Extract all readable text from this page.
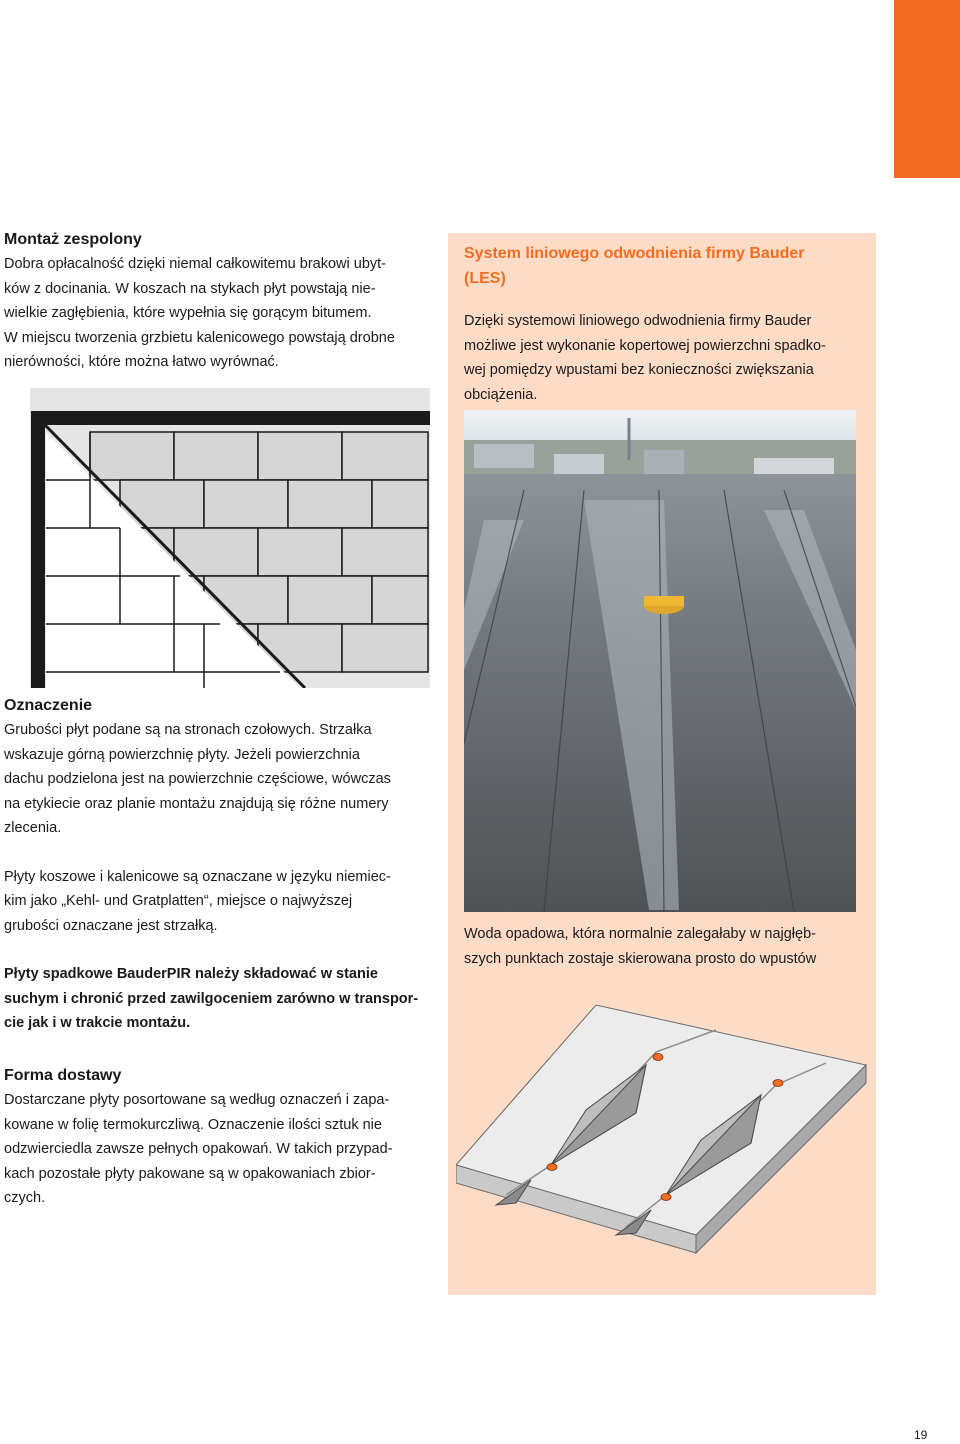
Montaż zespolony

Dobra opłacalność dzięki niemal całkowitemu brakowi ubyt-
ków z docinania. W koszach na stykach płyt powstają nie-
wielkie zagłębienia, które wypełnia się gorącym bitumem.
W miejscu tworzenia grzbietu kalenicowego powstają drobne
nierówności, które można łatwo wyrównać.

System liniowego odwodnienia firmy Bauder
(LES)

Dzięki systemowi liniowego odwodnienia firmy Bauder
możliwe jest wykonanie kopertowej powierzchni spadko-
wej pomiędzy wpustami bez konieczności zwiększania
obciążenia.

Woda opadowa, która normalnie zalegałaby w najgłęb-
szych punktach zostaje skierowana prosto do wpustów

Oznaczenie

Grubości płyt podane są na stronach czołowych. Strzałka
wskazuje górną powierzchnię płyty. Jeżeli powierzchnia
dachu podzielona jest na powierzchnie częściowe, wówczas
na etykiecie oraz planie montażu znajdują się różne numery
zlecenia.

Płyty koszowe i kalenicowe są oznaczane w języku niemiec-
kim jako „Kehl- und Gratplatten“, miejsce o najwyższej
grubości oznaczane jest strzałką.

Płyty spadkowe BauderPIR należy składować w stanie
suchym i chronić przed zawilgoceniem zarówno w transpor-
cie jak i w trakcie montażu.

Forma dostawy

Dostarczane płyty posortowane są według oznaczeń i zapa-
kowane w folię termokurczliwą. Oznaczenie ilości sztuk nie
odzwierciedla zawsze pełnych opakowań. W takich przypad-
kach pozostałe płyty pakowane są w opakowaniach zbior-
czych.

19
